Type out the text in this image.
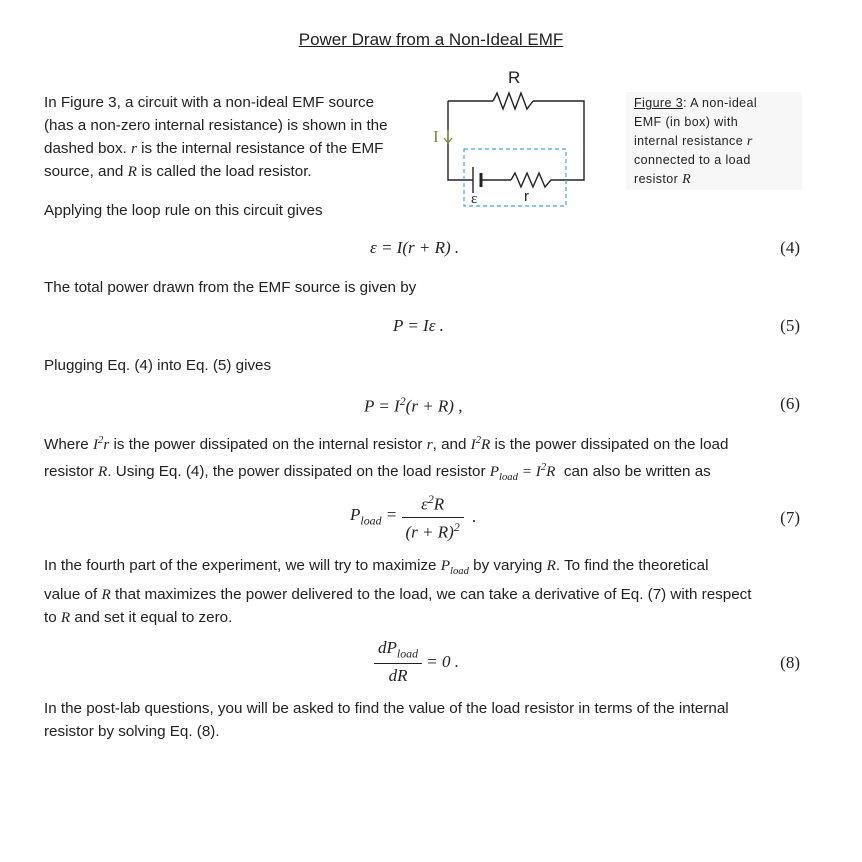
Power Draw from a Non-Ideal EMF
In Figure 3, a circuit with a non-ideal EMF source
(has a non-zero internal resistance) is shown in the
dashed box. r is the internal resistance of the EMF
source, and R is called the load resistor.
I
R
ε	r
Figure 3: A non-ideal
EMF (in box) with
internal resistance r
connected to a load
resistor R
Applying the loop rule on this circuit gives
ε = I(r + R) .	(4)
The total power drawn from the EMF source is given by
P = Iε .	(5)
Plugging Eq. (4) into Eq. (5) gives
$P = I^2(r + R)$ ,	(6)
Where $I^2r$ is the power dissipated on the internal resistor r, and $I^2R$ is the power dissipated on the load
resistor R. Using Eq. (4), the power dissipated on the load resistor $P_{load} = I^2R$ can also be written as
$P_{load} = \frac{\varepsilon^2R}{(r + R)^2}$ .	(7)
In the fourth part of the experiment, we will try to maximize $P_{load}$ by varying R. To find the theoretical
value of R that maximizes the power delivered to the load, we can take a derivative of Eq. (7) with respect
to R and set it equal to zero.
$\frac{dP_{load}}{dR} = 0$ .	(8)
In the post-lab questions, you will be asked to find the value of the load resistor in terms of the internal
resistor by solving Eq. (8).
